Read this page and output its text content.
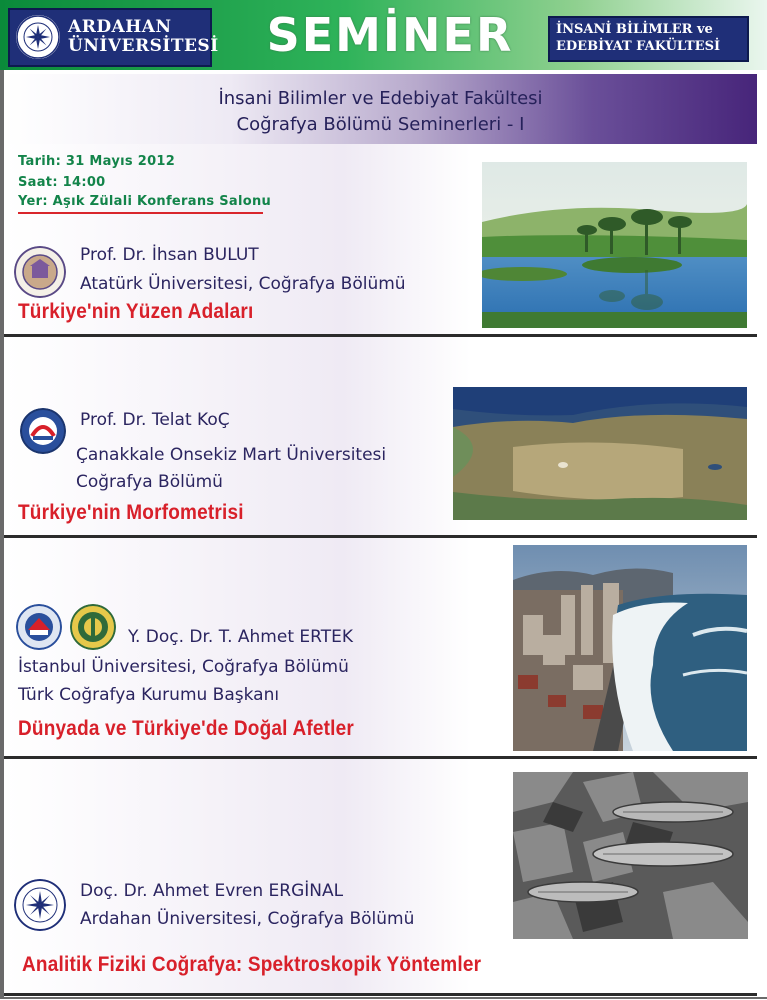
ARDAHAN
ÜNİVERSİTESİ SEMİNER	İNSANİ BİLİMLER ve
EDEBİYAT FAKÜLTESİ
İnsani Bilimler ve Edebiyat Fakültesi
Coğrafya Bölümü Seminerleri - I
Tarih: 31 Mayıs 2012
Saat: 14:00
Yer: Aşık Zülali Konferans Salonu
Prof. Dr. İhsan BULUT
Atatürk Üniversitesi, Coğrafya Bölümü
Türkiye'nin Yüzen Adaları
Prof. Dr. Telat KoÇ
Çanakkale Onsekiz Mart Üniversitesi
Coğrafya Bölümü
Türkiye'nin Morfometrisi
Y. Doç. Dr. T. Ahmet ERTEK
İstanbul Üniversitesi, Coğrafya Bölümü
Türk Coğrafya Kurumu Başkanı
Dünyada ve Türkiye'de Doğal Afetler
Doç. Dr. Ahmet Evren ERGİNAL
Ardahan Üniversitesi, Coğrafya Bölümü
Analitik Fiziki Coğrafya: Spektroskopik Yöntemler
